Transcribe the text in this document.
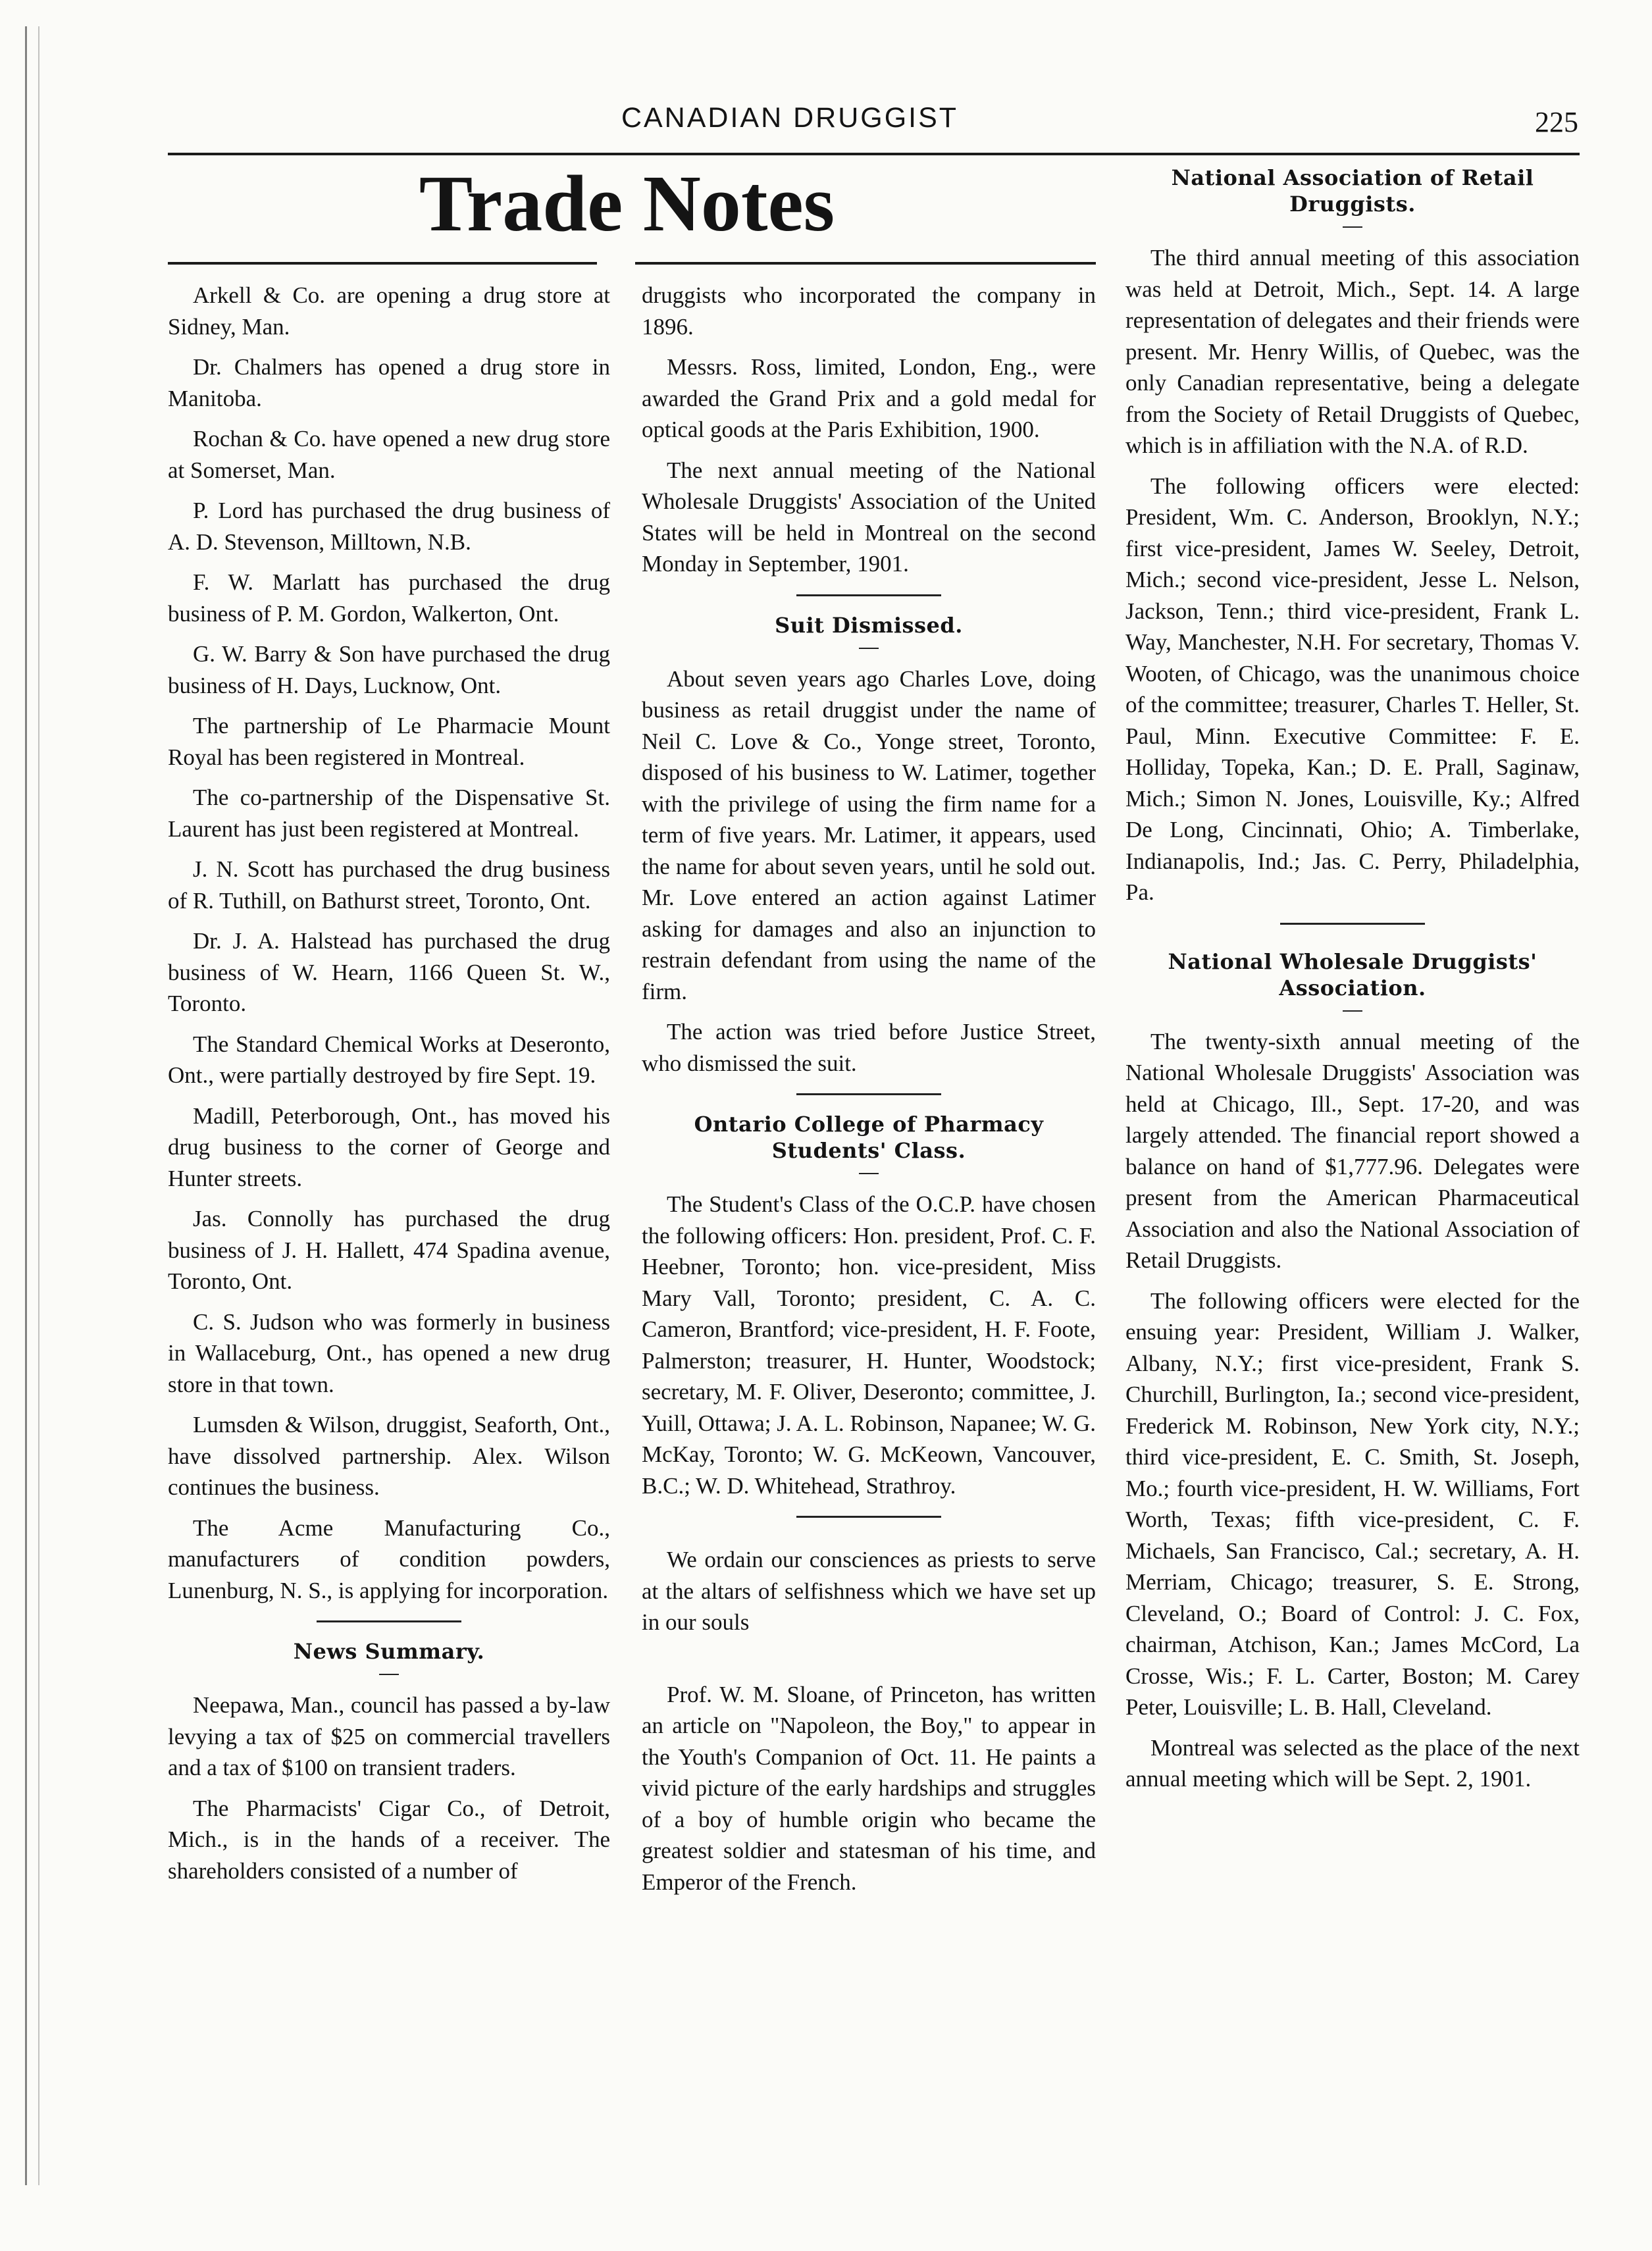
CANADIAN DRUGGIST	225
Trade Notes

Arkell & Co. are opening a drug store at Sidney, Man.

Dr. Chalmers has opened a drug store in Manitoba.

Rochan & Co. have opened a new drug store at Somerset, Man.

P. Lord has purchased the drug business of A. D. Stevenson, Milltown, N.B.

F. W. Marlatt has purchased the drug business of P. M. Gordon, Walkerton, Ont.

G. W. Barry & Son have purchased the drug business of H. Days, Lucknow, Ont.

The partnership of Le Pharmacie Mount Royal has been registered in Montreal.

The co-partnership of the Dispensative St. Laurent has just been registered at Montreal.

J. N. Scott has purchased the drug business of R. Tuthill, on Bathurst street, Toronto, Ont.

Dr. J. A. Halstead has purchased the drug business of W. Hearn, 1166 Queen St. W., Toronto.

The Standard Chemical Works at Deseronto, Ont., were partially destroyed by fire Sept. 19.

Madill, Peterborough, Ont., has moved his drug business to the corner of George and Hunter streets.

Jas. Connolly has purchased the drug business of J. H. Hallett, 474 Spadina avenue, Toronto, Ont.

C. S. Judson who was formerly in business in Wallaceburg, Ont., has opened a new drug store in that town.

Lumsden & Wilson, druggist, Seaforth, Ont., have dissolved partnership. Alex. Wilson continues the business.

The Acme Manufacturing Co., manufacturers of condition powders, Lunenburg, N. S., is applying for incorporation.

News Summary.

Neepawa, Man., council has passed a by-law levying a tax of $25 on commercial travellers and a tax of $100 on transient traders.

The Pharmacists' Cigar Co., of Detroit, Mich., is in the hands of a receiver. The shareholders consisted of a number of

druggists who incorporated the company in 1896.

Messrs. Ross, limited, London, Eng., were awarded the Grand Prix and a gold medal for optical goods at the Paris Exhibition, 1900.

The next annual meeting of the National Wholesale Druggists' Association of the United States will be held in Montreal on the second Monday in September, 1901.

Suit Dismissed.

About seven years ago Charles Love, doing business as retail druggist under the name of Neil C. Love & Co., Yonge street, Toronto, disposed of his business to W. Latimer, together with the privilege of using the firm name for a term of five years. Mr. Latimer, it appears, used the name for about seven years, until he sold out. Mr. Love entered an action against Latimer asking for damages and also an injunction to restrain defendant from using the name of the firm.

The action was tried before Justice Street, who dismissed the suit.

Ontario College of Pharmacy
Students' Class.

The Student's Class of the O.C.P. have chosen the following officers: Hon. president, Prof. C. F. Heebner, Toronto; hon. vice-president, Miss Mary Vall, Toronto; president, C. A. C. Cameron, Brantford; vice-president, H. F. Foote, Palmerston; treasurer, H. Hunter, Woodstock; secretary, M. F. Oliver, Deseronto; committee, J. Yuill, Ottawa; J. A. L. Robinson, Napanee; W. G. McKay, Toronto; W. G. McKeown, Vancouver, B.C.; W. D. Whitehead, Strathroy.

We ordain our consciences as priests to serve at the altars of selfishness which we have set up in our souls

Prof. W. M. Sloane, of Princeton, has written an article on "Napoleon, the Boy," to appear in the Youth's Companion of Oct. 11. He paints a vivid picture of the early hardships and struggles of a boy of humble origin who became the greatest soldier and statesman of his time, and Emperor of the French.

National Association of Retail
Druggists.

The third annual meeting of this association was held at Detroit, Mich., Sept. 14. A large representation of delegates and their friends were present. Mr. Henry Willis, of Quebec, was the only Canadian representative, being a delegate from the Society of Retail Druggists of Quebec, which is in affiliation with the N.A. of R.D.

The following officers were elected: President, Wm. C. Anderson, Brooklyn, N.Y.; first vice-president, James W. Seeley, Detroit, Mich.; second vice-president, Jesse L. Nelson, Jackson, Tenn.; third vice-president, Frank L. Way, Manchester, N.H. For secretary, Thomas V. Wooten, of Chicago, was the unanimous choice of the committee; treasurer, Charles T. Heller, St. Paul, Minn. Executive Committee: F. E. Holliday, Topeka, Kan.; D. E. Prall, Saginaw, Mich.; Simon N. Jones, Louisville, Ky.; Alfred De Long, Cincinnati, Ohio; A. Timberlake, Indianapolis, Ind.; Jas. C. Perry, Philadelphia, Pa.

National Wholesale Druggists'
Association.

The twenty-sixth annual meeting of the National Wholesale Druggists' Association was held at Chicago, Ill., Sept. 17-20, and was largely attended. The financial report showed a balance on hand of $1,777.96. Delegates were present from the American Pharmaceutical Association and also the National Association of Retail Druggists.

The following officers were elected for the ensuing year: President, William J. Walker, Albany, N.Y.; first vice-president, Frank S. Churchill, Burlington, Ia.; second vice-president, Frederick M. Robinson, New York city, N.Y.; third vice-president, E. C. Smith, St. Joseph, Mo.; fourth vice-president, H. W. Williams, Fort Worth, Texas; fifth vice-president, C. F. Michaels, San Francisco, Cal.; secretary, A. H. Merriam, Chicago; treasurer, S. E. Strong, Cleveland, O.; Board of Control: J. C. Fox, chairman, Atchison, Kan.; James McCord, La Crosse, Wis.; F. L. Carter, Boston; M. Carey Peter, Louisville; L. B. Hall, Cleveland.

Montreal was selected as the place of the next annual meeting which will be Sept. 2, 1901.
